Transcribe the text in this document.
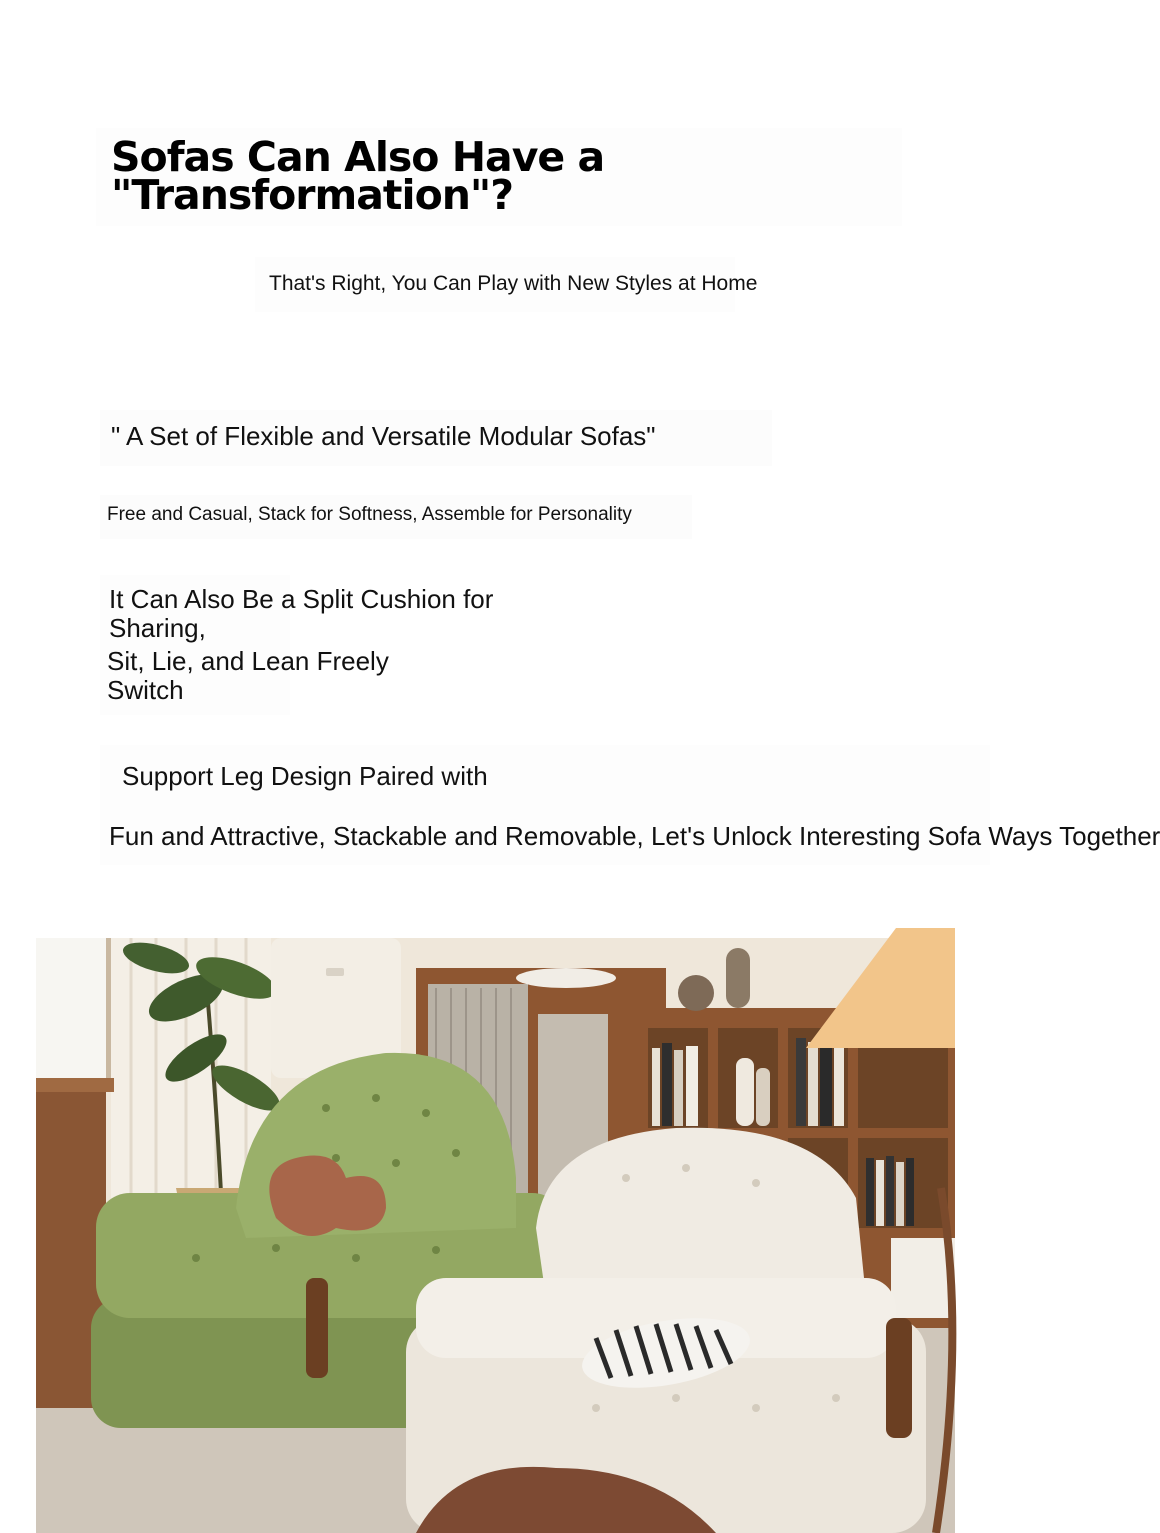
Sofas Can Also Have a
"Transformation"?
That's Right, You Can Play with New Styles at Home
" A Set of Flexible and Versatile Modular Sofas"
Free and Casual, Stack for Softness, Assemble for Personality
It Can Also Be a Split Cushion for
Sharing,
Sit, Lie, and Lean Freely
Switch
Support Leg Design Paired with
Fun and Attractive, Stackable and Removable, Let's Unlock Interesting Sofa Ways Together
